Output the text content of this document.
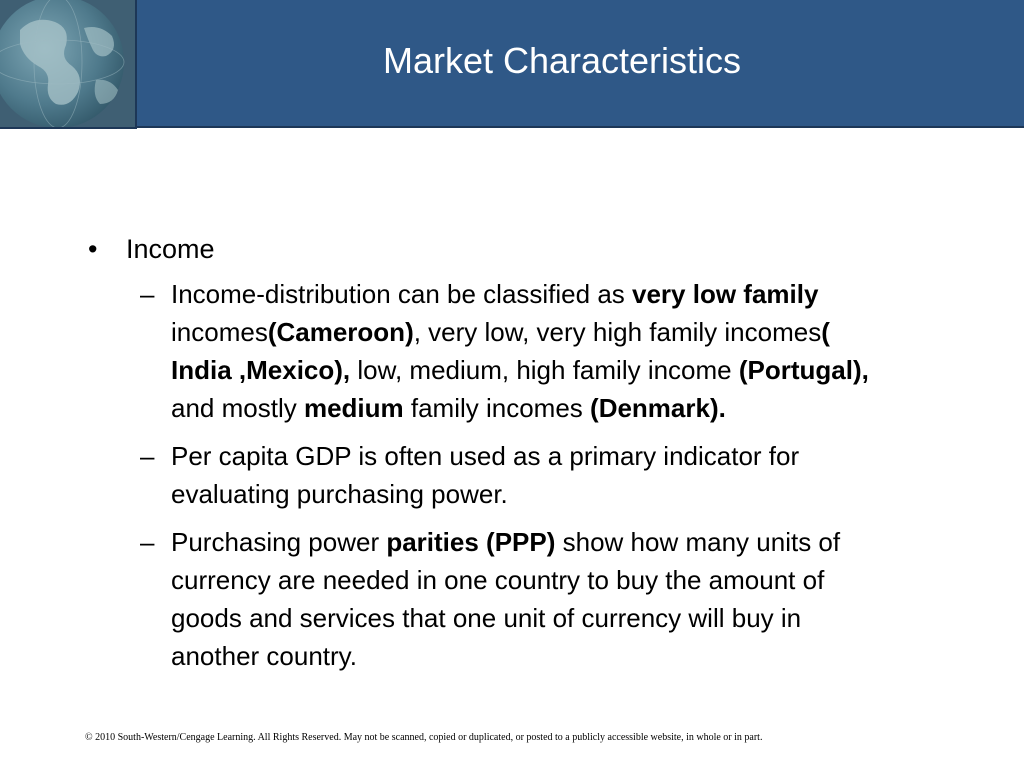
Market Characteristics
• Income
– Income-distribution can be classified as very low family incomes(Cameroon), very low, very high family incomes( India ,Mexico), low, medium, high family income (Portugal), and mostly medium family incomes (Denmark).
– Per capita GDP is often used as a primary indicator for evaluating purchasing power.
– Purchasing power parities (PPP) show how many units of currency are needed in one country to buy the amount of goods and services that one unit of currency will buy in another country.
© 2010 South-Western/Cengage Learning. All Rights Reserved. May not be scanned, copied or duplicated, or posted to a publicly accessible website, in whole or in part.
